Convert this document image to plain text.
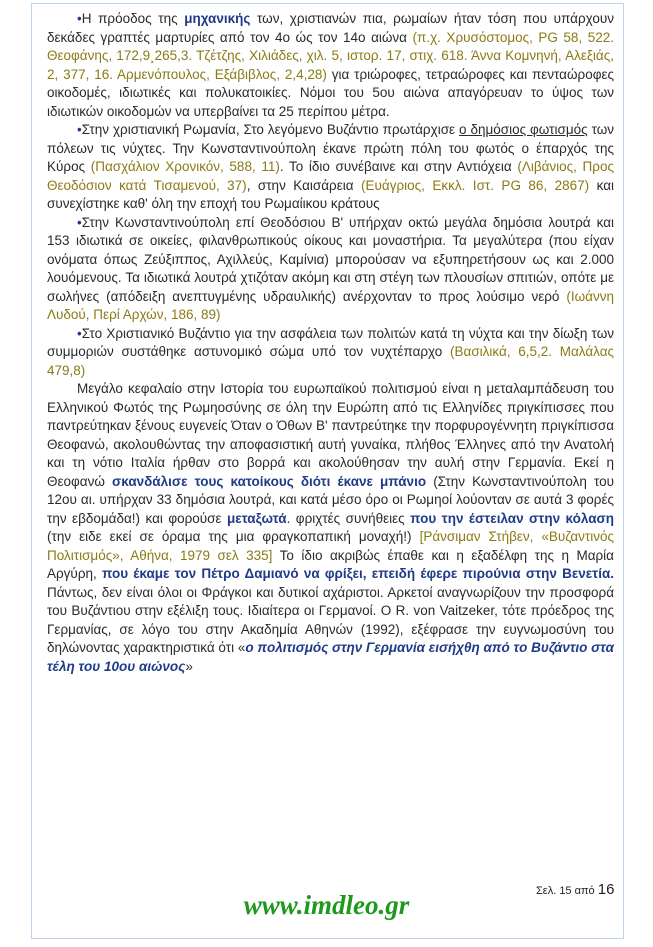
•Η πρόοδος της μηχανικής των, χριστιανών πια, ρωμαίων ήταν τόση που υπάρχουν δεκάδες γραπτές μαρτυρίες από τον 4ο ώς τον 14ο αιώνα (π.χ. Χρυσόστομος, PG 58, 522. Θεοφάνης, 172,9¸265,3. Τζέτζης, Χιλιάδες, χιλ. 5, ιστορ. 17, στιχ. 618. Άννα Κομνηνή, Αλεξιάς, 2, 377, 16. Αρμενόπουλος, Εξάβιβλος, 2,4,28) για τριώροφες, τετραώροφες και πενταώροφες οικοδομές, ιδιωτικές και πολυκατοικίες. Νόμοι του 5ου αιώνα απαγόρευαν το ύψος των ιδιωτικών οικοδομών να υπερβαίνει τα 25 περίπου μέτρα.

•Στην χριστιανική Ρωμανία, Στο λεγόμενο Βυζάντιο πρωτάρχισε ο δημόσιος φωτισμός των πόλεων τις νύχτες. Την Κωνσταντινούπολη έκανε πρώτη πόλη του φωτός ο έπαρχός της Κύρος (Πασχάλιον Χρονικόν, 588, 11). Το ίδιο συνέβαινε και στην Αντιόχεια (Λιβάνιος, Προς Θεοδόσιον κατά Τισαμενού, 37), στην Καισάρεια (Ευάγριος, Εκκλ. Ιστ. PG 86, 2867) και συνεχίστηκε καθ' όλη την εποχή του Ρωμαίικου κράτους

•Στην Κωνσταντινούπολη επί Θεοδόσιου Β' υπήρχαν οκτώ μεγάλα δημόσια λουτρά και 153 ιδιωτικά σε οικείες, φιλανθρωπικούς οίκους και μοναστήρια. Τα μεγαλύτερα (που είχαν ονόματα όπως Ζεύξιππος, Αχιλλεύς, Καμίνια) μπορούσαν να εξυπηρετήσουν ως και 2.000 λουόμενους. Τα ιδιωτικά λουτρά χτιζόταν ακόμη και στη στέγη των πλουσίων σπιτιών, οπότε με σωλήνες (απόδειξη ανεπτυγμένης υδραυλικής) ανέρχονταν το προς λούσιμο νερό (Ιωάννη Λυδού, Περί Αρχών, 186, 89)

•Στο Χριστιανικό Βυζάντιο για την ασφάλεια των πολιτών κατά τη νύχτα και την δίωξη των συμμοριών συστάθηκε αστυνομικό σώμα υπό τον νυχτέπαρχο (Βασιλικά, 6,5,2. Μαλάλας 479,8)

Μεγάλο κεφαλαίο στην Ιστορία του ευρωπαϊκού πολιτισμού είναι η μεταλαμπάδευση του Ελληνικού Φωτός της Ρωμηοσύνης σε όλη την Ευρώπη από τις Ελληνίδες πριγκίπισσες που παντρεύτηκαν ξένους ευγενείς Όταν ο Όθων Β' παντρεύτηκε την πορφυρογέννητη πριγκίπισσα Θεοφανώ, ακολουθώντας την αποφασιστική αυτή γυναίκα, πλήθος Έλληνες από την Ανατολή και τη νότιο Ιταλία ήρθαν στο βορρά και ακολούθησαν την αυλή στην Γερμανία. Εκεί η Θεοφανώ σκανδάλισε τους κατοίκους διότι έκανε μπάνιο (Στην Κωνσταντινούπολη του 12ου αι. υπήρχαν 33 δημόσια λουτρά, και κατά μέσο όρο οι Ρωμηοί λούονταν σε αυτά 3 φορές την εβδομάδα!) και φορούσε μεταξωτά. φριχτές συνήθειες που την έστειλαν στην κόλαση (την ειδε εκεί σε όραμα της μια φραγκοπαπική μοναχή!) [Ράνσιμαν Στήβεν, «Βυζαντινός Πολιτισμός», Αθήνα, 1979 σελ 335] Το ίδιο ακριβώς έπαθε και η εξαδέλφη της η Μαρία Αργύρη, που έκαμε τον Πέτρο Δαμιανό να φρίξει, επειδή έφερε πιρούνια στην Βενετία. Πάντως, δεν είναι όλοι οι Φράγκοι και δυτικοί αχάριστοι. Αρκετοί αναγνωρίζουν την προσφορά του Βυζάντιου στην εξέλιξη τους. Ιδιαίτερα οι Γερμανοί. Ο R. von Vaitzeker, τότε πρόεδρος της Γερμανίας, σε λόγο του στην Ακαδημία Αθηνών (1992), εξέφρασε την ευγνωμοσύνη του δηλώνοντας χαρακτηριστικά ότι «ο πολιτισμός στην Γερμανία εισήχθη από το Βυζάντιο στα τέλη του 10ου αιώνος»

Σελ. 15 από 16
www.imdleo.gr
